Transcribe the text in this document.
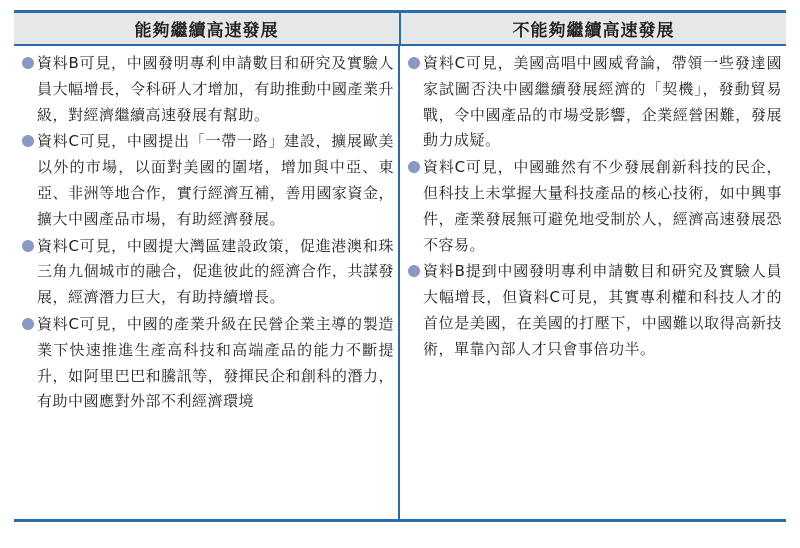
能夠繼續高速發展	不能夠繼續高速發展
資料B可見，中國發明專利申請數目和研究及實驗人員大幅增長，令科研人才增加，有助推動中國產業升級，對經濟繼續高速發展有幫助。
資料C可見，中國提出「一帶一路」建設，擴展歐美以外的市場，以面對美國的圍堵，增加與中亞、東亞、非洲等地合作，實行經濟互補，善用國家資金，擴大中國產品市場，有助經濟發展。
資料C可見，中國提大灣區建設政策，促進港澳和珠三角九個城市的融合，促進彼此的經濟合作，共謀發展，經濟潛力巨大，有助持續增長。
資料C可見，中國的產業升級在民營企業主導的製造業下快速推進生產高科技和高端產品的能力不斷提升，如阿里巴巴和騰訊等，發揮民企和創科的潛力，有助中國應對外部不利經濟環境
資料C可見，美國高唱中國威脅論，帶領一些發達國家試圖否決中國繼續發展經濟的「契機」，發動貿易戰，令中國產品的市場受影響，企業經營困難，發展動力成疑。
資料C可見，中國雖然有不少發展創新科技的民企，但科技上未掌握大量科技產品的核心技術，如中興事件，產業發展無可避免地受制於人，經濟高速發展恐不容易。
資料B提到中國發明專利申請數目和研究及實驗人員大幅增長，但資料C可見，其實專利權和科技人才的首位是美國，在美國的打壓下，中國難以取得高新技術，單靠內部人才只會事倍功半。
